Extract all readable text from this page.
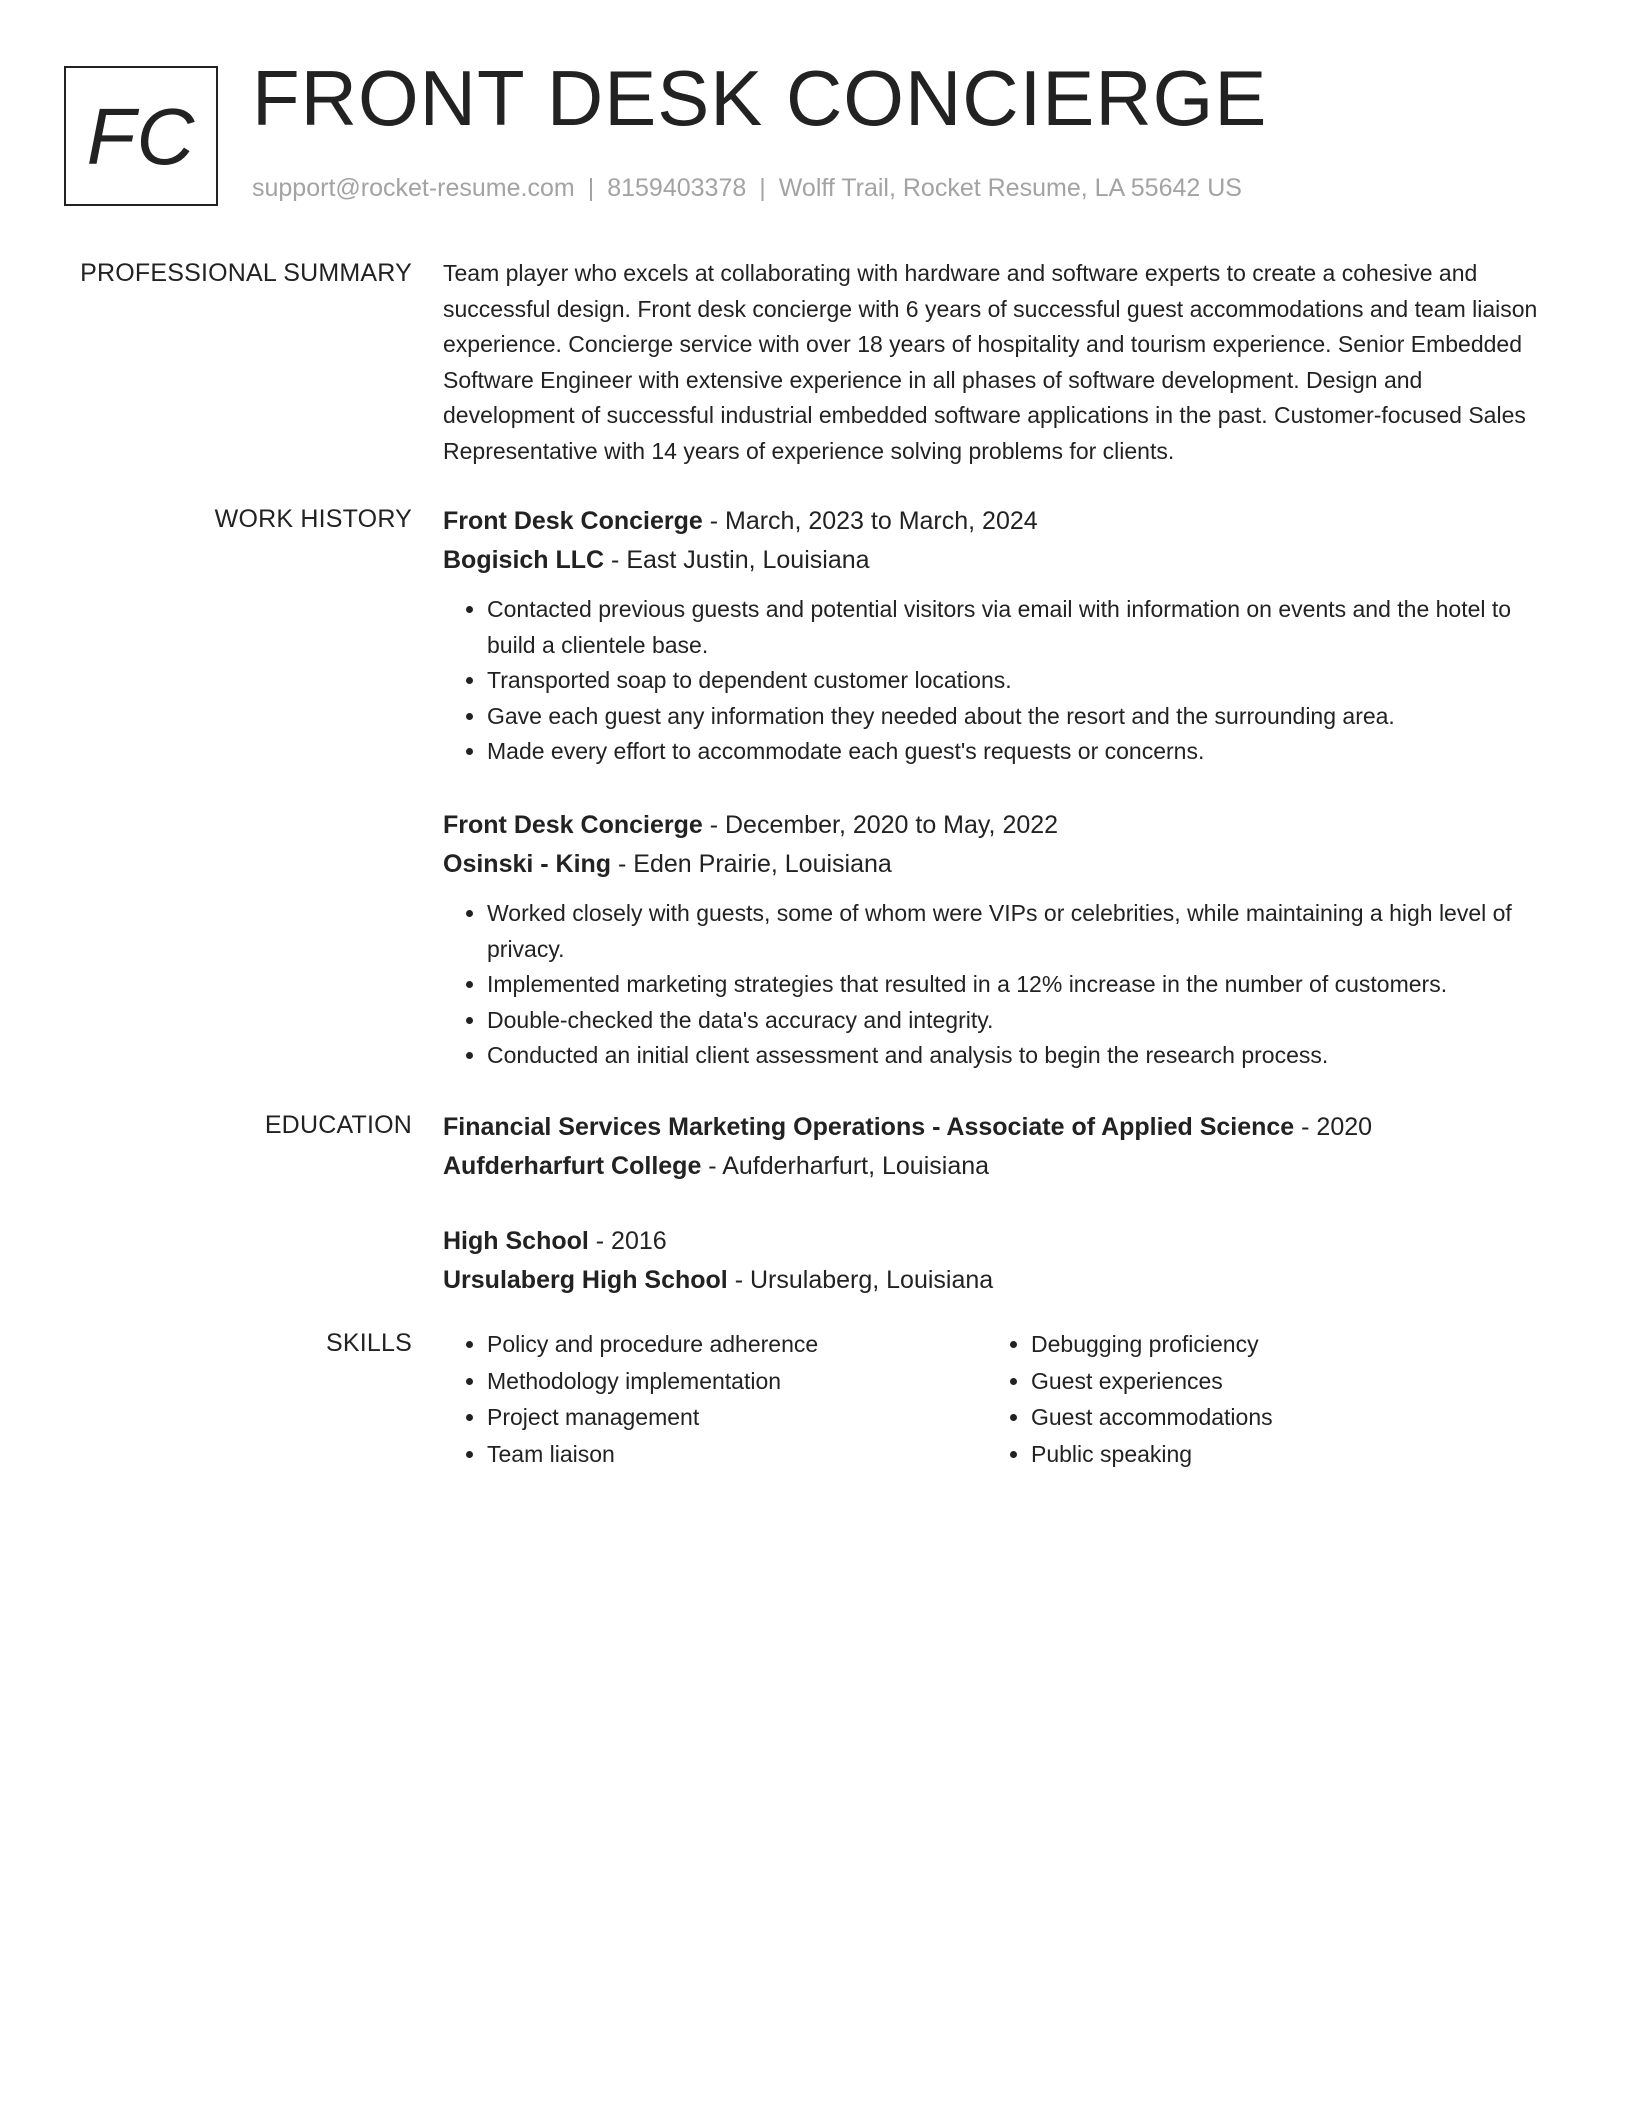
FC FRONT DESK CONCIERGE
support@rocket-resume.com | 8159403378 | Wolff Trail, Rocket Resume, LA 55642 US
PROFESSIONAL SUMMARY Team player who excels at collaborating with hardware and software experts to create a cohesive and successful design. Front desk concierge with 6 years of successful guest accommodations and team liaison experience. Concierge service with over 18 years of hospitality and tourism experience. Senior Embedded Software Engineer with extensive experience in all phases of software development. Design and development of successful industrial embedded software applications in the past. Customer-focused Sales Representative with 14 years of experience solving problems for clients.

WORK HISTORY Front Desk Concierge - March, 2023 to March, 2024
Bogisich LLC - East Justin, Louisiana
• Contacted previous guests and potential visitors via email with information on events and the hotel to build a clientele base.
• Transported soap to dependent customer locations.
• Gave each guest any information they needed about the resort and the surrounding area.
• Made every effort to accommodate each guest's requests or concerns.
Front Desk Concierge - December, 2020 to May, 2022
Osinski - King - Eden Prairie, Louisiana
• Worked closely with guests, some of whom were VIPs or celebrities, while maintaining a high level of privacy.
• Implemented marketing strategies that resulted in a 12% increase in the number of customers.
• Double-checked the data's accuracy and integrity.
• Conducted an initial client assessment and analysis to begin the research process.
EDUCATION Financial Services Marketing Operations - Associate of Applied Science - 2020
Aufderharfurt College - Aufderharfurt, Louisiana
High School - 2016
Ursulaberg High School - Ursulaberg, Louisiana
SKILLS
•	Policy and procedure adherence
• Methodology implementation
• Project management
• Team liaison
• Debugging proficiency
• Guest experiences
• Guest accommodations
• Public speaking
